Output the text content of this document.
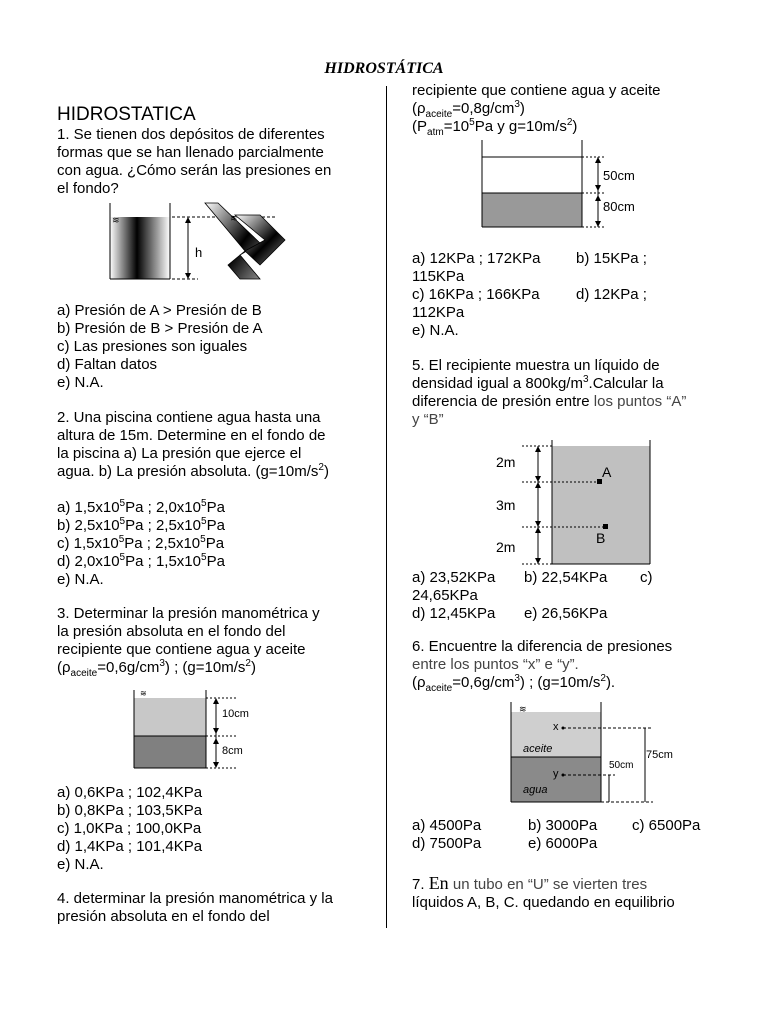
HIDROSTÁTICA

HIDROSTATICA

1. Se tienen dos depósitos de diferentes

formas que se han llenado parcialmente

con agua. ¿Cómo serán las presiones en

el fondo?

≋
h
≋

a) Presión de A > Presión de B

b) Presión de B > Presión de A

c) Las presiones son iguales

d) Faltan datos

e) N.A.

2. Una piscina contiene agua hasta una

altura de 15m. Determine en el fondo de

la piscina a) La presión que ejerce el

agua. b) La presión absoluta. $(g=10m/s^2)$

a) $1,5x10^5Pa$ ; $2,0x10^5Pa$

b) $2,5x10^5Pa$ ; $2,5x10^5Pa$

c) $1,5x10^5Pa$ ; $2,5x10^5Pa$

d) $2,0x10^5Pa$ ; $1,5x10^5Pa$

e) N.A.

3. Determinar la presión manométrica y

la presión absoluta en el fondo del

recipiente que contiene agua y aceite

$(\rho_{aceite}=0,6g/cm^3)$ ; $(g=10m/s^2)$

≋
10cm
8cm

a) 0,6KPa ; 102,4KPa

b) 0,8KPa ; 103,5KPa

c) 1,0KPa ; 100,0KPa

d) 1,4KPa ; 101,4KPa

e) N.A.

4. determinar la presión manométrica y la

presión absoluta en el fondo del

recipiente que contiene agua y aceite

$(\rho_{aceite}=0,8g/cm^3)$

($P_{atm}=10^5Pa$ y $g=10m/s^2$)

50cm
80cm

a) 12KPa ; 172KPa b) 15KPa ;

115KPa

c) 16KPa ; 166KPa d) 12KPa ;

112KPa

e) N.A.

5. El recipiente muestra un líquido de

densidad igual a $800kg/m^3.Calcular$ la

diferencia de presión entre los puntos “A”

y “B”

2m
3m
2m
A
B

a) 23,52KPa b) 22,54KPa c)

24,65KPa

d) 12,45KPa e) 26,56KPa

6. Encuentre la diferencia de presiones

entre los puntos “x” e “y”.

$(\rho_{aceite}=0,6g/cm^3)$ ; $(g=10m/s^2)$.

≋
x
y
aceite
agua
50cm
75cm

a) 4500Pa	b) 3000Pa c) 6500Pa

d) 7500Pa	e) 6000Pa

7. En un tubo en “U” se vierten tres

líquidos A, B, C. quedando en equilibrio
